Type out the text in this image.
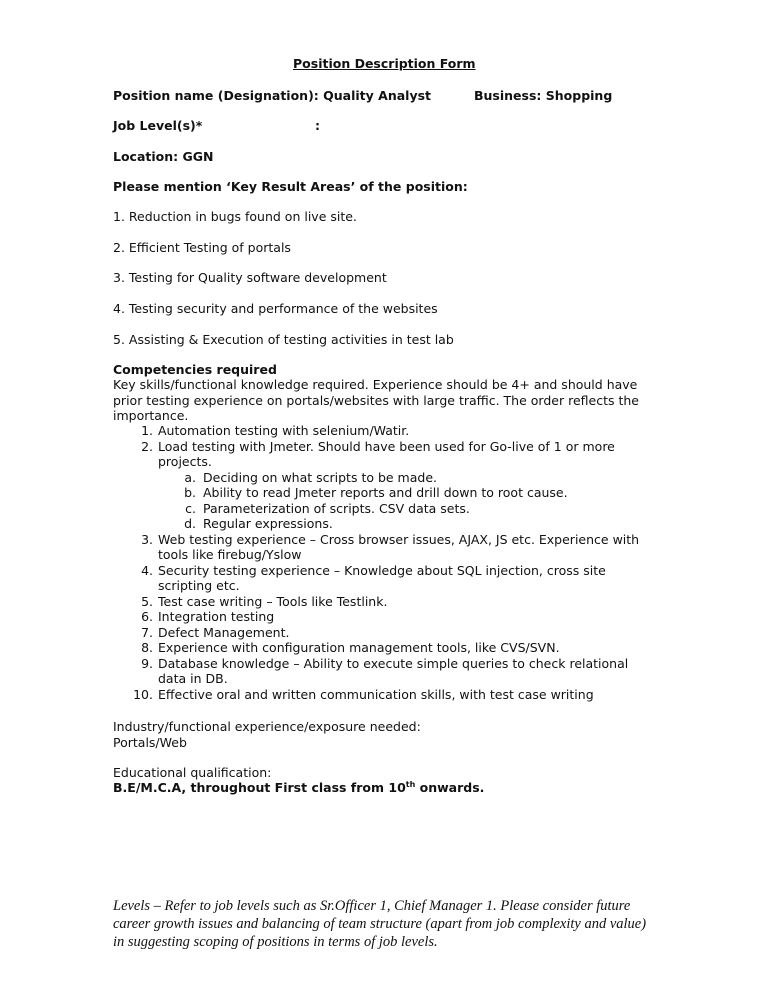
Position Description Form
Position name (Designation): Quality Analyst	Business: Shopping
Job Level(s)*	:
Location: GGN
Please mention ‘Key Result Areas’ of the position:
1. Reduction in bugs found on live site.
2. Efficient Testing of portals
3. Testing for Quality software development
4. Testing security and performance of the websites
5. Assisting & Execution of testing activities in test lab
Competencies required
Key skills/functional knowledge required. Experience should be 4+ and should have prior testing experience on portals/websites with large traffic. The order reflects the importance.
1. Automation testing with selenium/Watir.
2. Load testing with Jmeter. Should have been used for Go-live of 1 or more projects.
a. Deciding on what scripts to be made.
b. Ability to read Jmeter reports and drill down to root cause.
c. Parameterization of scripts. CSV data sets.
d. Regular expressions.
3. Web testing experience – Cross browser issues, AJAX, JS etc. Experience with tools like firebug/Yslow
4. Security testing experience – Knowledge about SQL injection, cross site scripting etc.
5. Test case writing – Tools like Testlink.
6. Integration testing
7. Defect Management.
8. Experience with configuration management tools, like CVS/SVN.
9. Database knowledge – Ability to execute simple queries to check relational data in DB.
10. Effective oral and written communication skills, with test case writing
Industry/functional experience/exposure needed:
Portals/Web
Educational qualification:
B.E/M.C.A, throughout First class from 10th onwards.
Levels – Refer to job levels such as Sr.Officer 1, Chief Manager 1. Please consider future career growth issues and balancing of team structure (apart from job complexity and value) in suggesting scoping of positions in terms of job levels.
